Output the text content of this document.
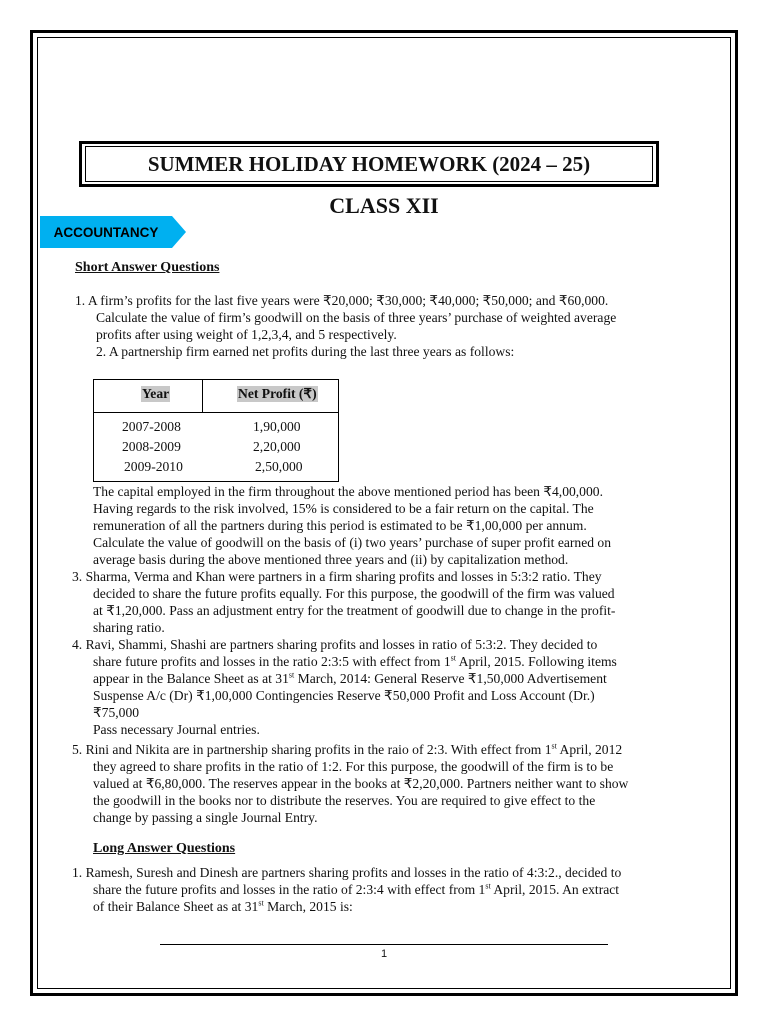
SUMMER HOLIDAY HOMEWORK (2024 – 25)
CLASS XII
ACCOUNTANCY
Short Answer Questions
1. A firm’s profits for the last five years were ₹20,000; ₹30,000; ₹40,000; ₹50,000; and ₹60,000.
Calculate the value of firm’s goodwill on the basis of three years’ purchase of weighted average
profits after using weight of 1,2,3,4, and 5 respectively.
2. A partnership firm earned net profits during the last three years as follows:
Year	Net Profit (₹)
2007-2008	1,90,000
2008-2009	2,20,000
2009-2010	2,50,000
The capital employed in the firm throughout the above mentioned period has been ₹4,00,000.
Having regards to the risk involved, 15% is considered to be a fair return on the capital. The
remuneration of all the partners during this period is estimated to be ₹1,00,000 per annum.
Calculate the value of goodwill on the basis of (i) two years’ purchase of super profit earned on
average basis during the above mentioned three years and (ii) by capitalization method.
3. Sharma, Verma and Khan were partners in a firm sharing profits and losses in 5:3:2 ratio. They
decided to share the future profits equally. For this purpose, the goodwill of the firm was valued
at ₹1,20,000. Pass an adjustment entry for the treatment of goodwill due to change in the profit-
sharing ratio.
4. Ravi, Shammi, Shashi are partners sharing profits and losses in ratio of 5:3:2. They decided to
share future profits and losses in the ratio 2:3:5 with effect from 1st April, 2015. Following items
appear in the Balance Sheet as at 31st March, 2014: General Reserve ₹1,50,000 Advertisement
Suspense A/c (Dr) ₹1,00,000 Contingencies Reserve ₹50,000 Profit and Loss Account (Dr.)
₹75,000
Pass necessary Journal entries.
5. Rini and Nikita are in partnership sharing profits in the raio of 2:3. With effect from 1st April, 2012
they agreed to share profits in the ratio of 1:2. For this purpose, the goodwill of the firm is to be
valued at ₹6,80,000. The reserves appear in the books at ₹2,20,000. Partners neither want to show
the goodwill in the books nor to distribute the reserves. You are required to give effect to the
change by passing a single Journal Entry.
Long Answer Questions
1. Ramesh, Suresh and Dinesh are partners sharing profits and losses in the ratio of 4:3:2., decided to
share the future profits and losses in the ratio of 2:3:4 with effect from 1st April, 2015. An extract
of their Balance Sheet as at 31st March, 2015 is:
1
